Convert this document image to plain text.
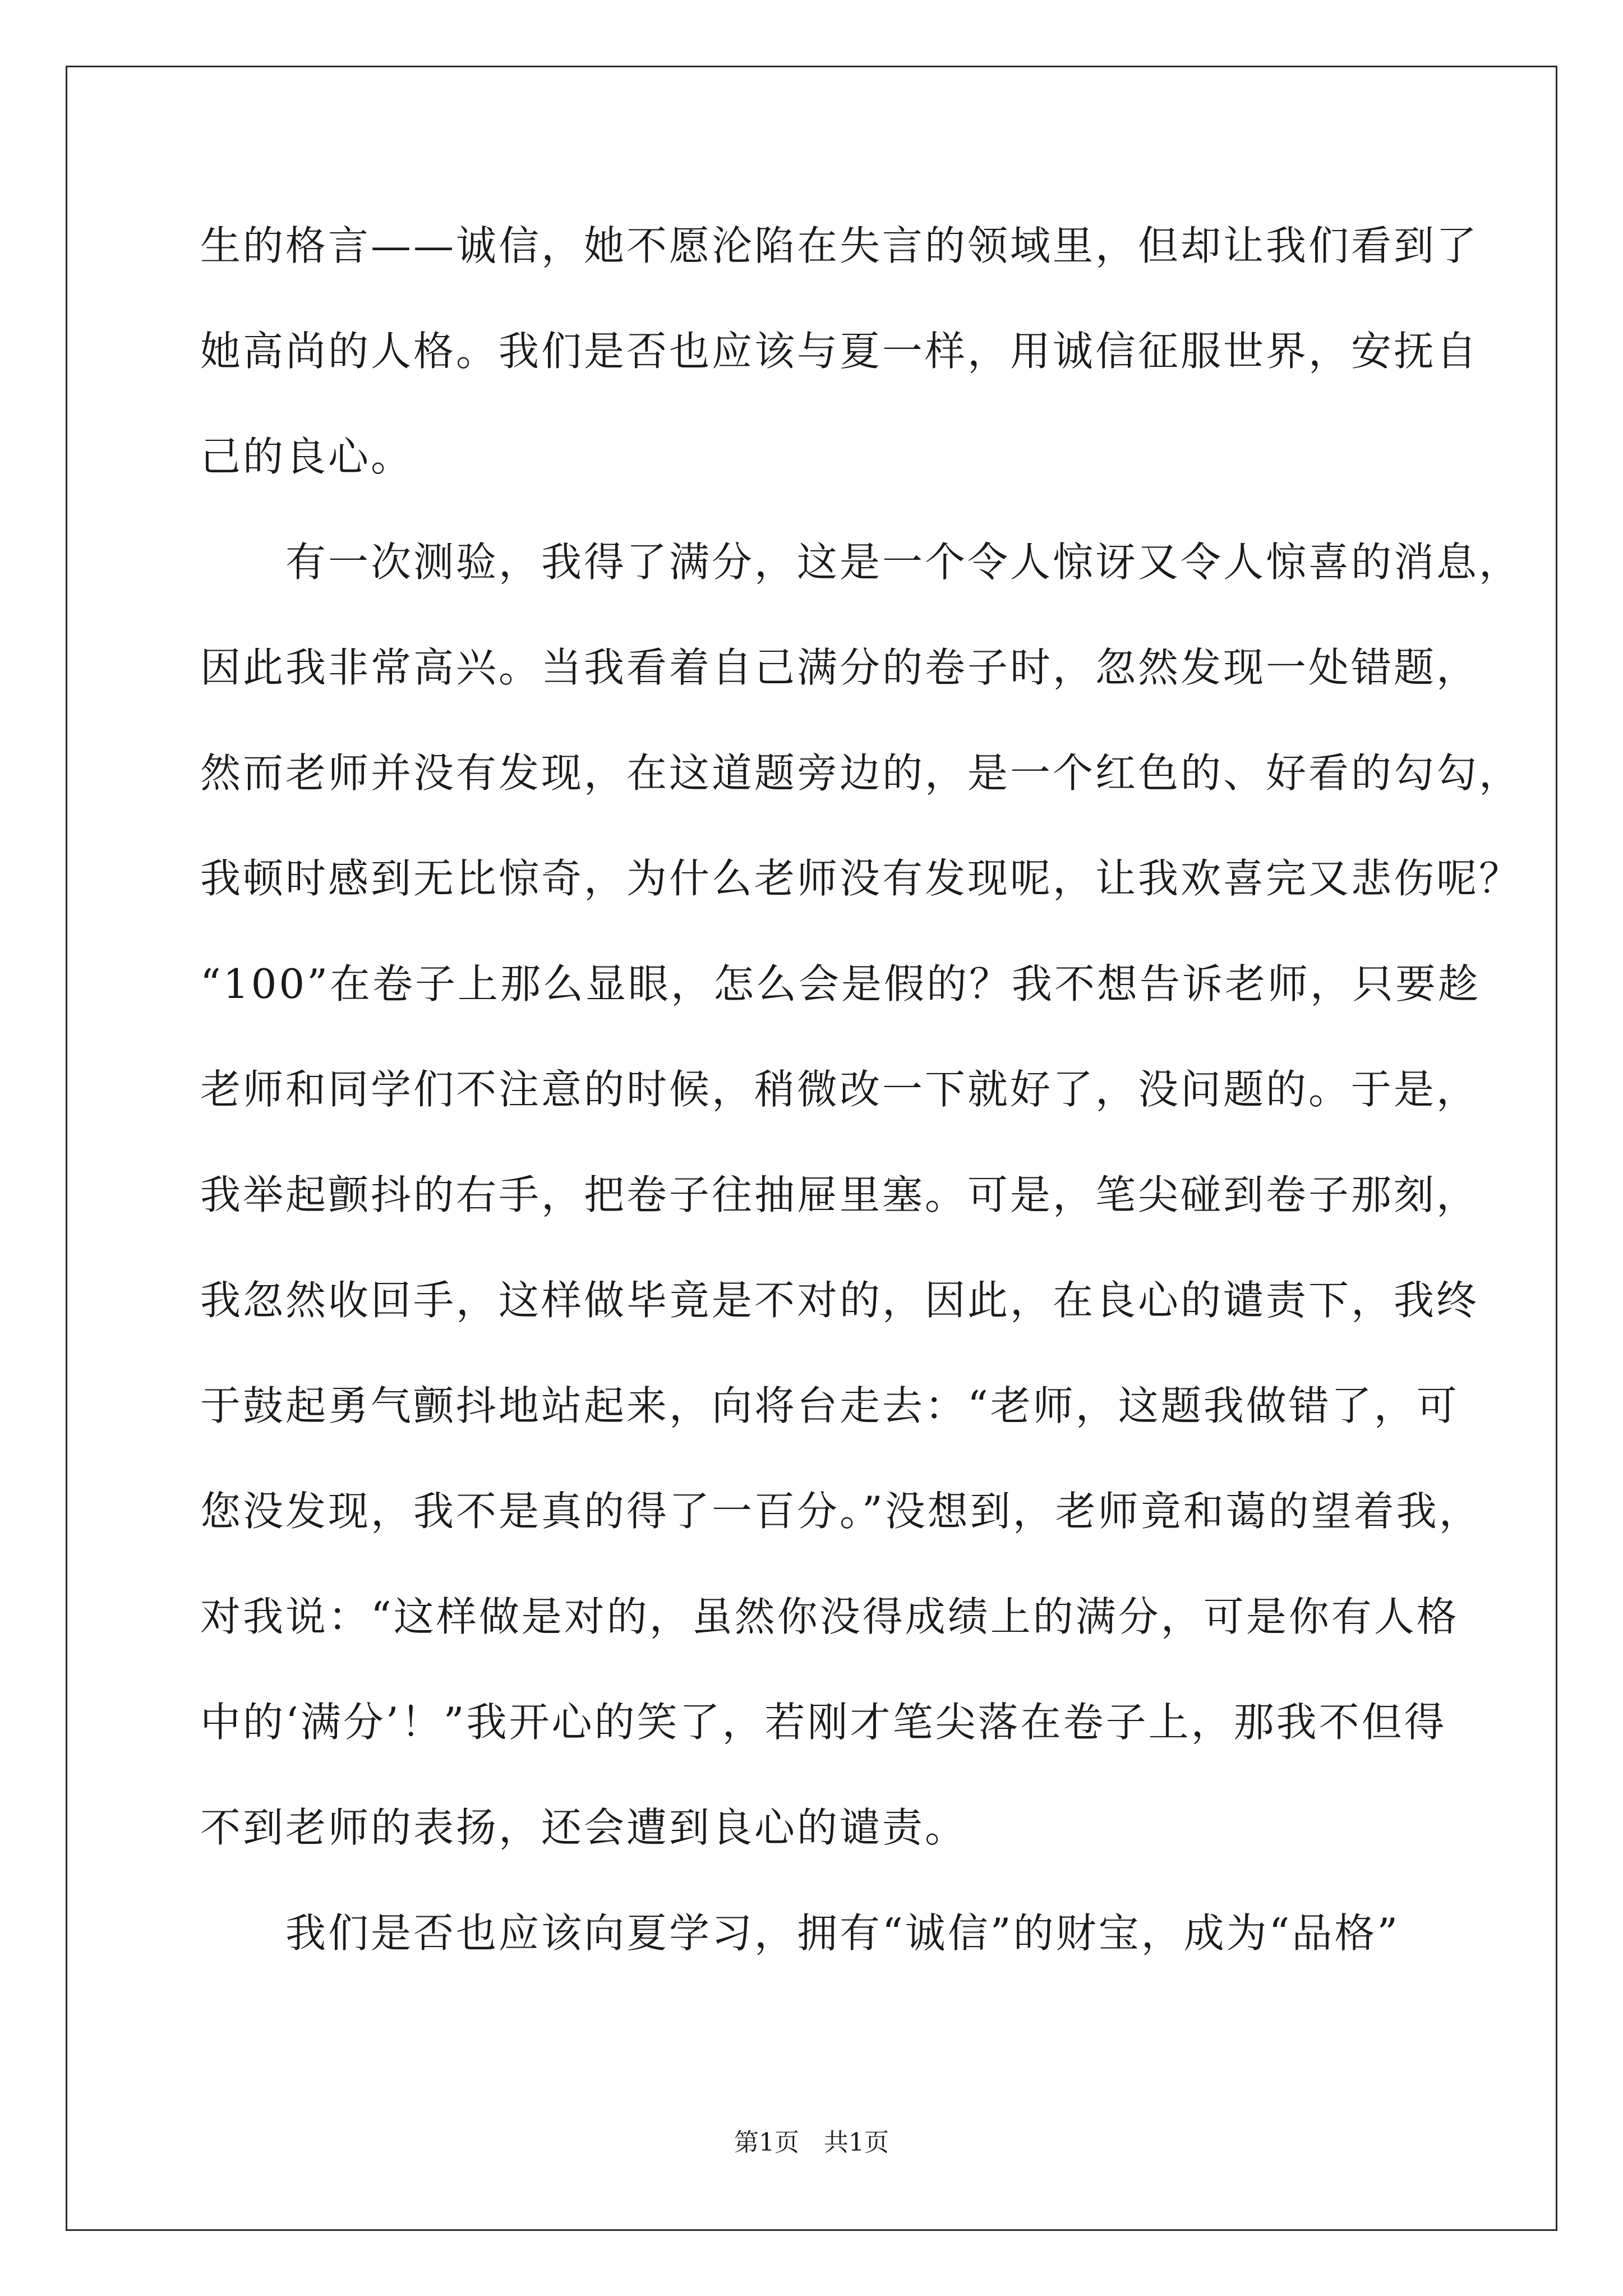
生的格言——诚信，她不愿沦陷在失言的领域里，但却让我们看到了
她高尚的人格。我们是否也应该与夏一样，用诚信征服世界，安抚自
己的良心。
　　有一次测验，我得了满分，这是一个令人惊讶又令人惊喜的消息，
因此我非常高兴。当我看着自己满分的卷子时，忽然发现一处错题，
然而老师并没有发现，在这道题旁边的，是一个红色的、好看的勾勾，
我顿时感到无比惊奇，为什么老师没有发现呢，让我欢喜完又悲伤呢？
“100”在卷子上那么显眼，怎么会是假的？我不想告诉老师，只要趁
老师和同学们不注意的时候，稍微改一下就好了，没问题的。于是，
我举起颤抖的右手，把卷子往抽屉里塞。可是，笔尖碰到卷子那刻，
我忽然收回手，这样做毕竟是不对的，因此，在良心的谴责下，我终
于鼓起勇气颤抖地站起来，向将台走去：“老师，这题我做错了，可
您没发现，我不是真的得了一百分。”没想到，老师竟和蔼的望着我，
对我说：“这样做是对的，虽然你没得成绩上的满分，可是你有人格
中的‘满分’！”我开心的笑了，若刚才笔尖落在卷子上，那我不但得
不到老师的表扬，还会遭到良心的谴责。
　　我们是否也应该向夏学习，拥有“诚信”的财宝，成为“品格”
第1页　共1页
